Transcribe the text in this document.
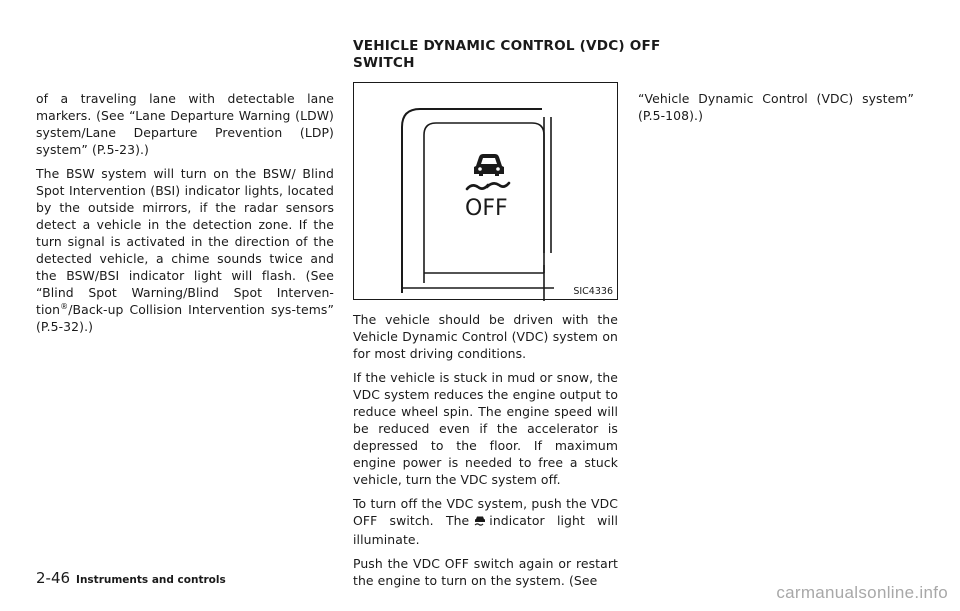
VEHICLE DYNAMIC CONTROL (VDC) OFF
SWITCH

of a traveling lane with detectable lane markers. (See “Lane Departure Warning (LDW) system/Lane Departure Prevention (LDP) system” (P.5-23).)

The BSW system will turn on the BSW/ Blind Spot Intervention (BSI) indicator lights, located by the outside mirrors, if the radar sensors detect a vehicle in the detection zone. If the turn signal is activated in the direction of the detected vehicle, a chime sounds twice and the BSW/BSI indicator light will flash. (See “Blind Spot Warning/Blind Spot Interven-tion®/Back-up Collision Intervention sys-tems” (P.5-32).)

OFF
SIC4336

The vehicle should be driven with the Vehicle Dynamic Control (VDC) system on for most driving conditions.

If the vehicle is stuck in mud or snow, the VDC system reduces the engine output to reduce wheel spin. The engine speed will be reduced even if the accelerator is depressed to the floor. If maximum engine power is needed to free a stuck vehicle, turn the VDC system off.

To turn off the VDC system, push the VDC OFF switch. The indicator light will illuminate.

Push the VDC OFF switch again or restart the engine to turn on the system. (See

“Vehicle Dynamic Control (VDC) system” (P.5-108).)

2-46 Instruments and controls
carmanualsonline.info
